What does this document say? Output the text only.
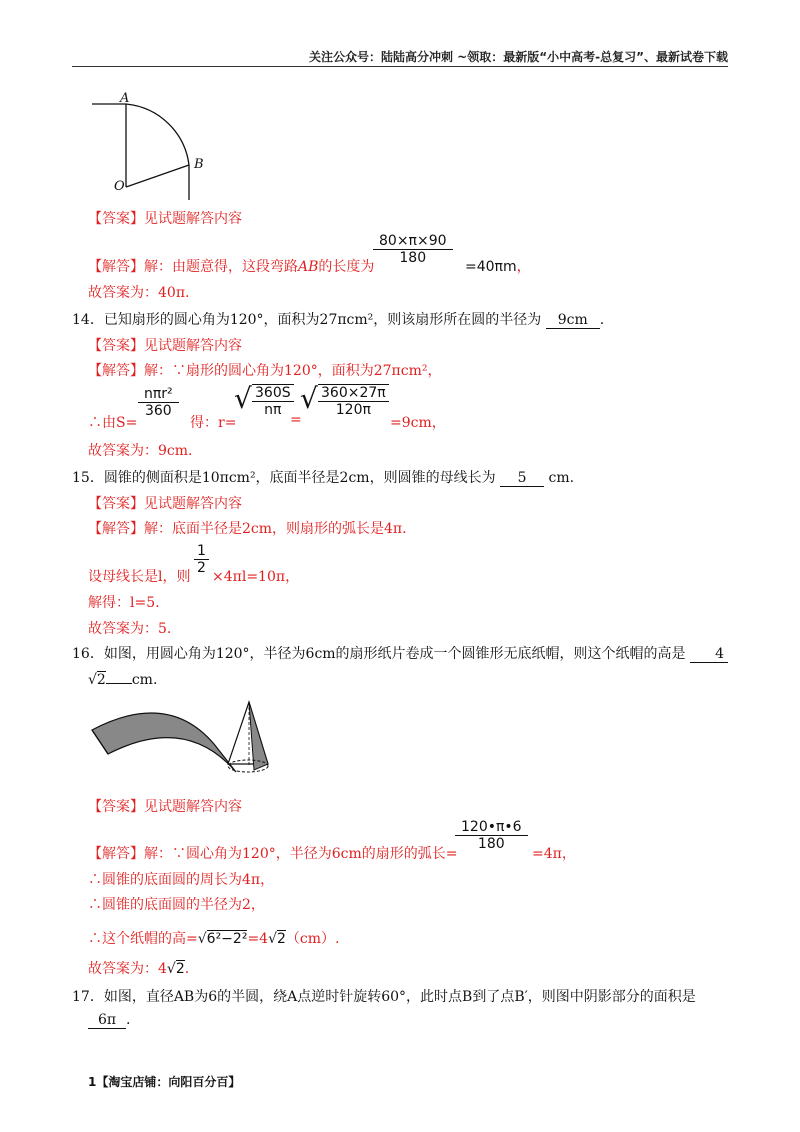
关注公众号：陆陆高分冲刺 ~领取：最新版“小中高考-总复习”、最新试卷下载
A
B
O
【答案】见试题解答内容
【解答】解：由题意得，这段弯路AB的长度为
$\frac{80\times\pi\times 90}{180}$
=40πm，
故答案为：40π.
14．已知扇形的圆心角为120°，面积为27πcm²，则该扇形所在圆的半径为 9cm .
【答案】见试题解答内容
【解答】解：∵扇形的圆心角为120°，面积为27πcm²，
∴由S=
nπr²
360
得：r=
√ 360S
nπ
=
√ 360×27π
120π
=9cm，
故答案为：9cm.
15．圆锥的侧面积是10πcm²，底面半径是2cm，则圆锥的母线长为 5 cm.
【答案】见试题解答内容
【解答】解：底面半径是2cm，则扇形的弧长是4π.
设母线长是l，则
$\frac{1}{2}$
×4πl=10π，
解得：l=5.
故答案为：5.
16．如图，用圆心角为120°，半径为6cm的扇形纸片卷成一个圆锥形无底纸帽，则这个纸帽的高是 4
√2 cm.
【答案】见试题解答内容
【解答】解：∵圆心角为120°，半径为6cm的扇形的弧长=
$\frac{120•\pi•6}{180}$
=4π，
∴圆锥的底面圆的周长为4π，
∴圆锥的底面圆的半径为2，
∴这个纸帽的高=√6²−2²=4√2（cm）.
故答案为：4√2.
17．如图，直径AB为6的半圆，绕A点逆时针旋转60°，此时点B到了点B′，则图中阴影部分的面积是
6π .
1【淘宝店铺：向阳百分百】
